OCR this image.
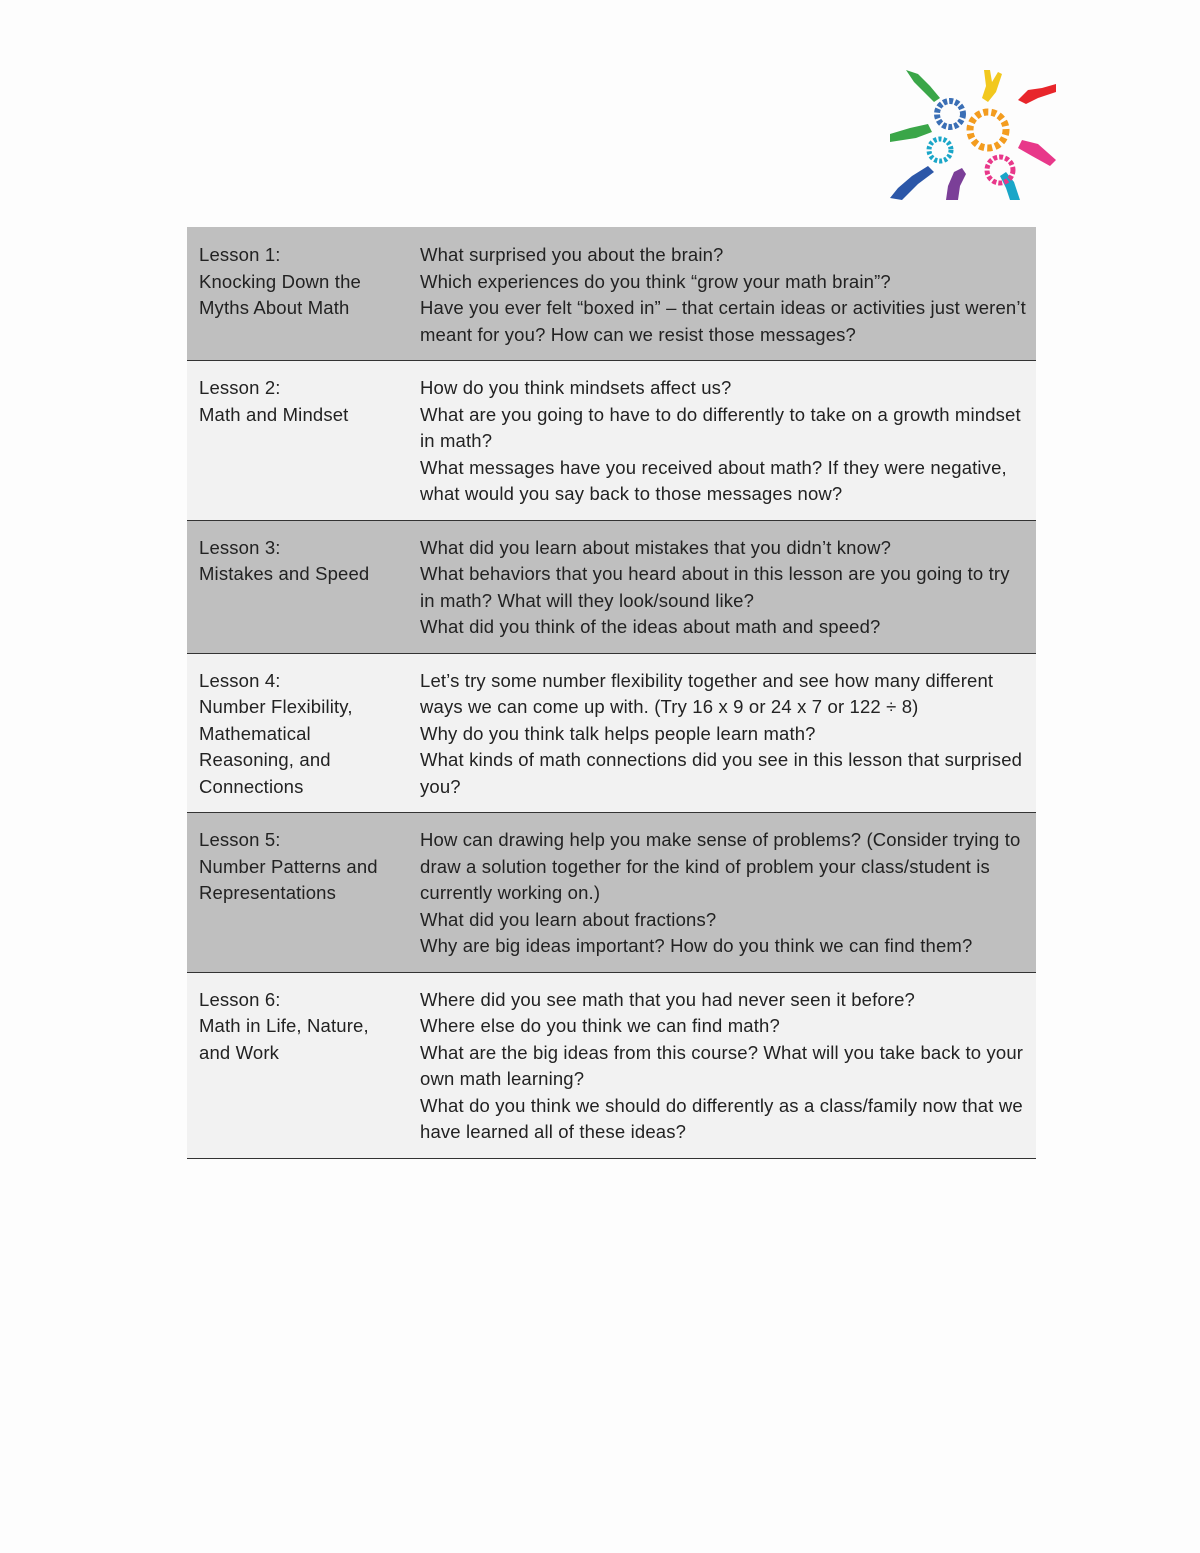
Lesson 1:
Knocking Down the Myths About Math	What surprised you about the brain?
Which experiences do you think “grow your math brain”?
Have you ever felt “boxed in” – that certain ideas or activities just weren’t meant for you? How can we resist those messages?

Lesson 2:
Math and Mindset	How do you think mindsets affect us?
What are you going to have to do differently to take on a growth mindset in math?
What messages have you received about math? If they were negative, what would you say back to those messages now?

Lesson 3:
Mistakes and Speed	What did you learn about mistakes that you didn’t know?
What behaviors that you heard about in this lesson are you going to try in math? What will they look/sound like?
What did you think of the ideas about math and speed?

Lesson 4:
Number Flexibility, Mathematical Reasoning, and Connections	Let’s try some number flexibility together and see how many different ways we can come up with. (Try 16 x 9 or 24 x 7 or 122 ÷ 8)
Why do you think talk helps people learn math?
What kinds of math connections did you see in this lesson that surprised you?

Lesson 5:
Number Patterns and Representations	How can drawing help you make sense of problems? (Consider trying to draw a solution together for the kind of problem your class/student is currently working on.)
What did you learn about fractions?
Why are big ideas important? How do you think we can find them?

Lesson 6:
Math in Life, Nature, and Work	Where did you see math that you had never seen it before?
Where else do you think we can find math?
What are the big ideas from this course? What will you take back to your own math learning?
What do you think we should do differently as a class/family now that we have learned all of these ideas?
